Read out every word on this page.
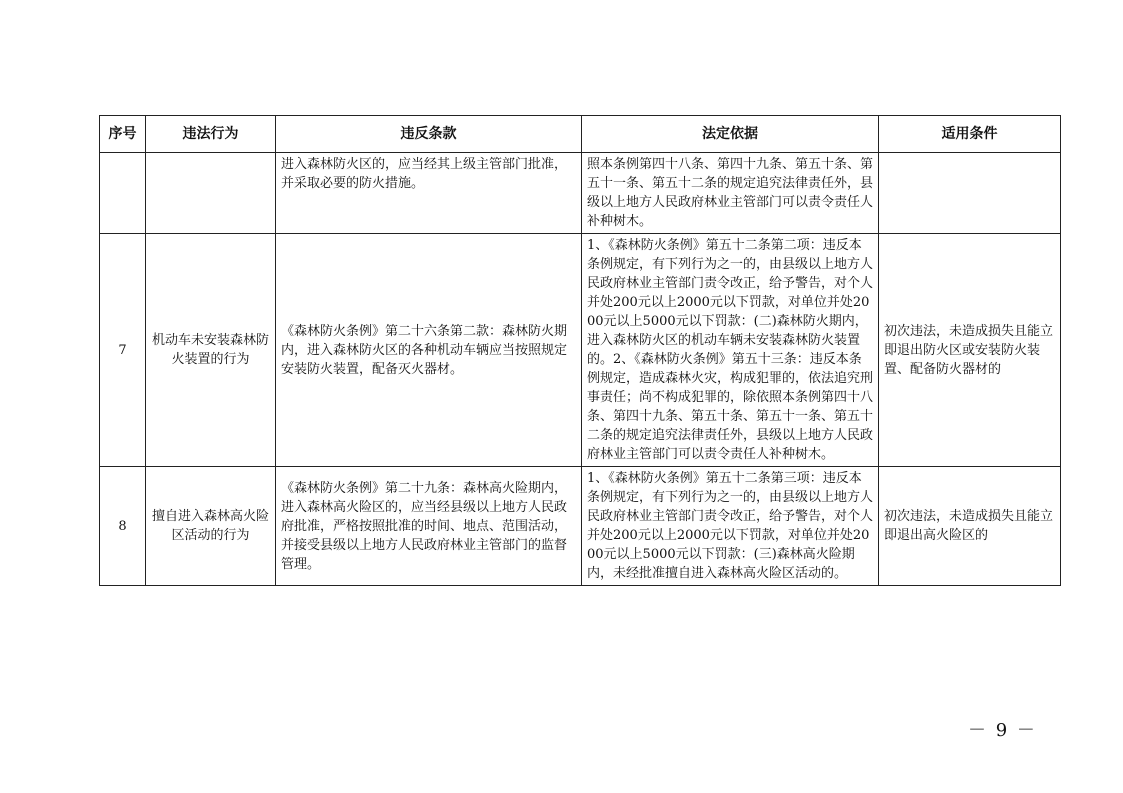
序号	违法行为	违反条款	法定依据	适用条件
		进入森林防火区的，应当经其上级主管部门批准，并采取必要的防火措施。	照本条例第四十八条、第四十九条、第五十条、第五十一条、第五十二条的规定追究法律责任外，县级以上地方人民政府林业主管部门可以责令责任人补种树木。	
7	机动车未安装森林防火装置的行为	《森林防火条例》第二十六条第二款：森林防火期内，进入森林防火区的各种机动车辆应当按照规定安装防火装置，配备灭火器材。	1、《森林防火条例》第五十二条第二项：违反本条例规定，有下列行为之一的，由县级以上地方人民政府林业主管部门责令改正，给予警告，对个人并处200元以上2000元以下罚款，对单位并处2000元以上5000元以下罚款：(二)森林防火期内，进入森林防火区的机动车辆未安装森林防火装置的。2、《森林防火条例》第五十三条：违反本条例规定，造成森林火灾，构成犯罪的，依法追究刑事责任；尚不构成犯罪的，除依照本条例第四十八条、第四十九条、第五十条、第五十一条、第五十二条的规定追究法律责任外，县级以上地方人民政府林业主管部门可以责令责任人补种树木。	初次违法，未造成损失且能立即退出防火区或安装防火装置、配备防火器材的
8	擅自进入森林高火险区活动的行为	《森林防火条例》第二十九条：森林高火险期内，进入森林高火险区的，应当经县级以上地方人民政府批准，严格按照批准的时间、地点、范围活动，并接受县级以上地方人民政府林业主管部门的监督管理。	1、《森林防火条例》第五十二条第三项：违反本条例规定，有下列行为之一的，由县级以上地方人民政府林业主管部门责令改正，给予警告，对个人并处200元以上2000元以下罚款，对单位并处2000元以上5000元以下罚款：(三)森林高火险期内，未经批准擅自进入森林高火险区活动的。	初次违法，未造成损失且能立即退出高火险区的
－ 9 －
